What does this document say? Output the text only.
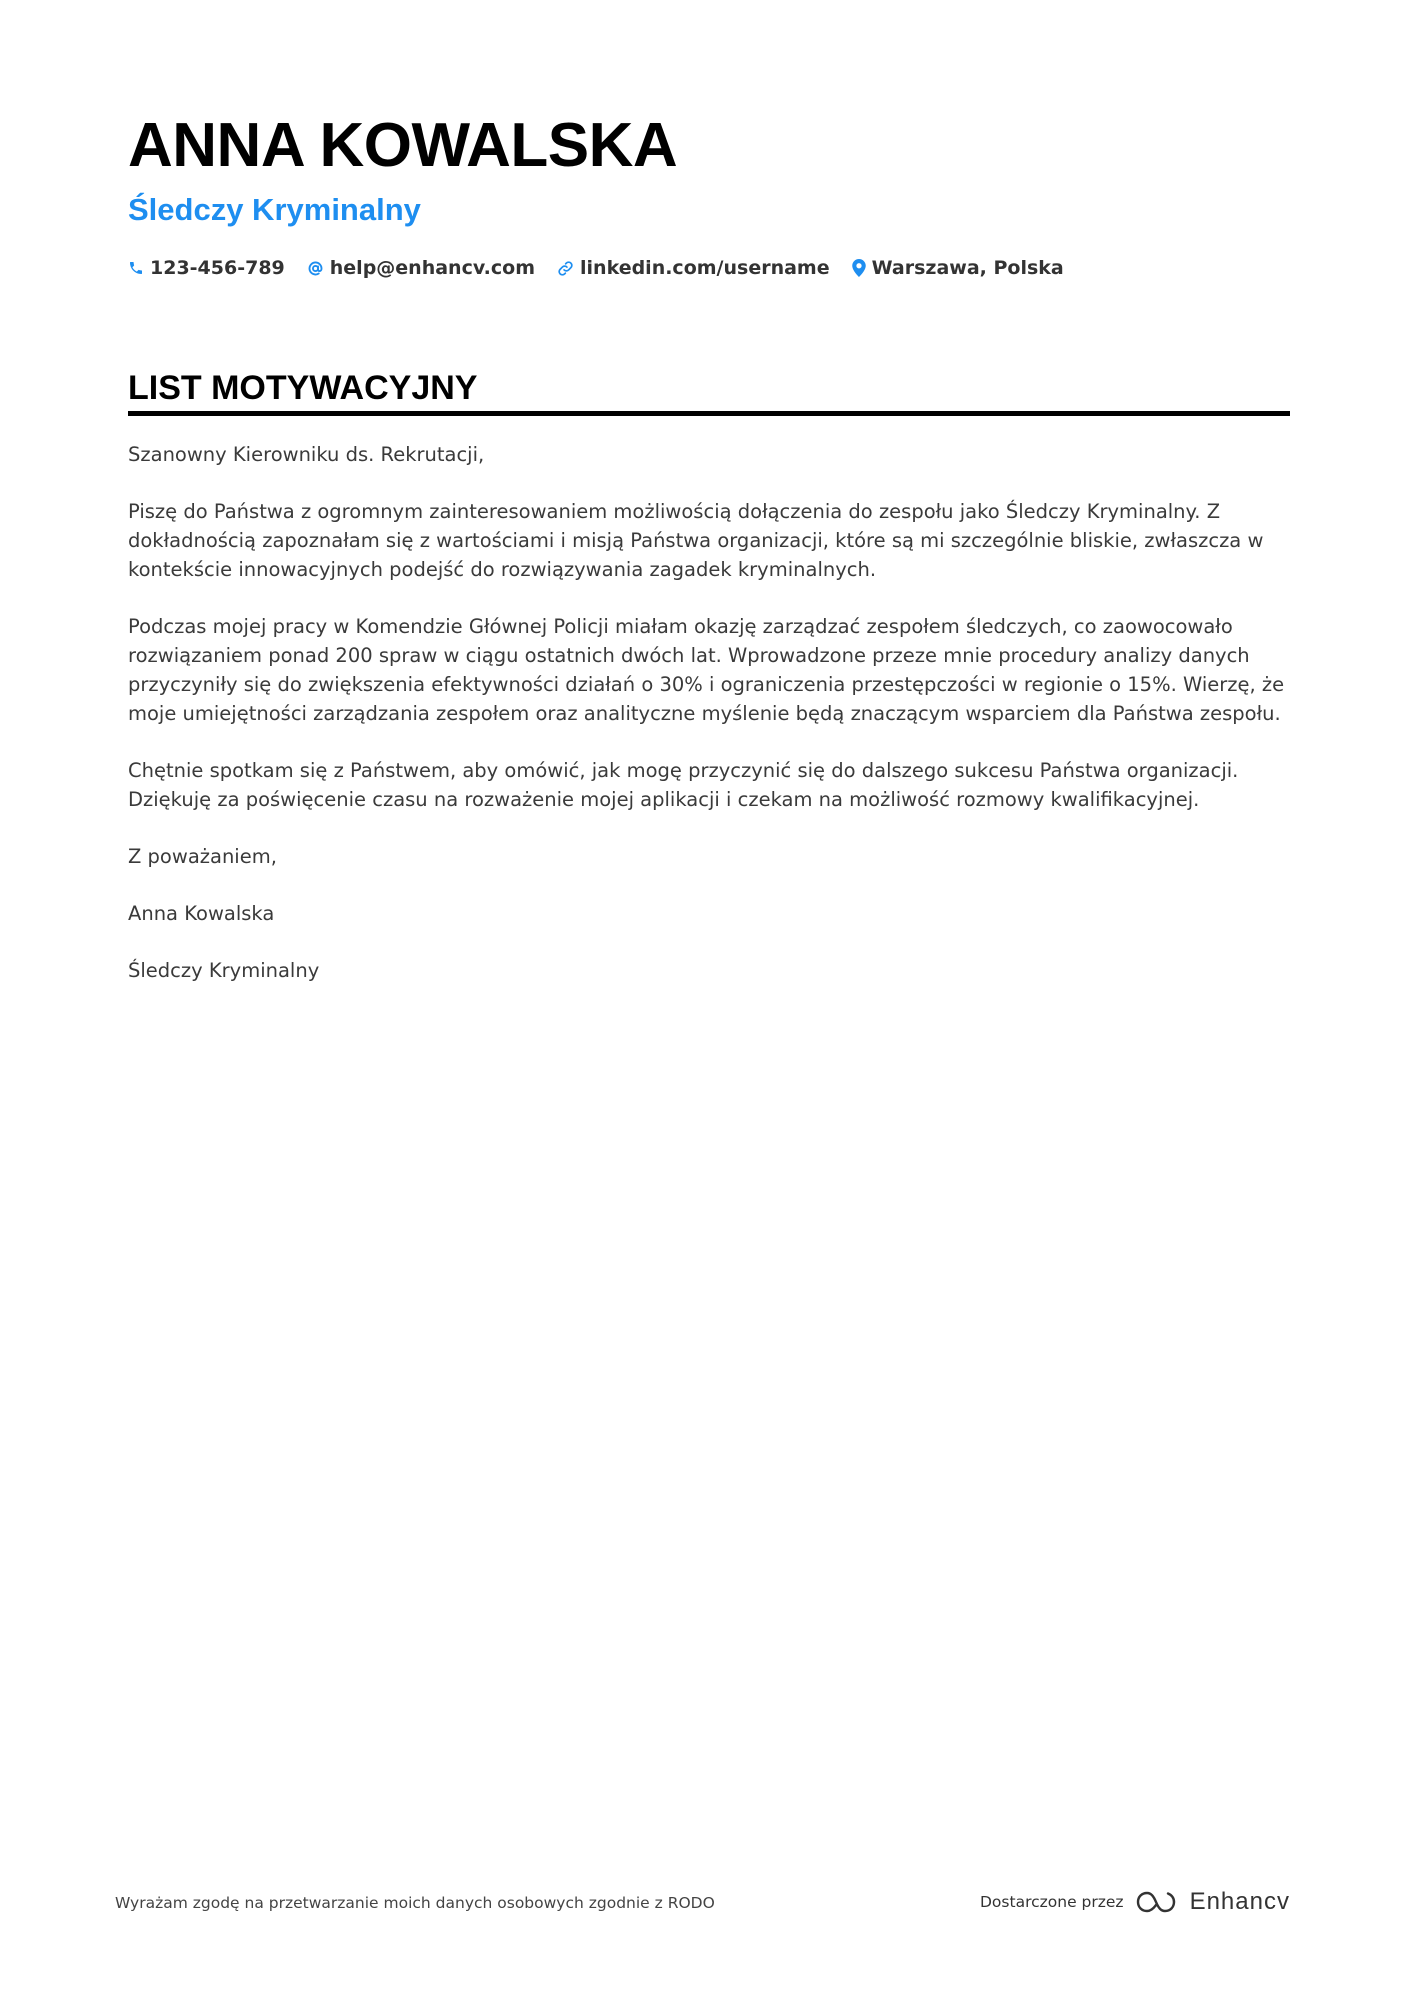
ANNA KOWALSKA
Śledczy Kryminalny
123-456-789 help@enhancv.com linkedin.com/username Warszawa, Polska
LIST MOTYWACYJNY

Szanowny Kierowniku ds. Rekrutacji,

Piszę do Państwa z ogromnym zainteresowaniem możliwością dołączenia do zespołu jako Śledczy Kryminalny. Z dokładnością zapoznałam się z wartościami i misją Państwa organizacji, które są mi szczególnie bliskie, zwłaszcza w kontekście innowacyjnych podejść do rozwiązywania zagadek kryminalnych.

Podczas mojej pracy w Komendzie Głównej Policji miałam okazję zarządzać zespołem śledczych, co zaowocowało rozwiązaniem ponad 200 spraw w ciągu ostatnich dwóch lat. Wprowadzone przeze mnie procedury analizy danych przyczyniły się do zwiększenia efektywności działań o 30% i ograniczenia przestępczości w regionie o 15%. Wierzę, że moje umiejętności zarządzania zespołem oraz analityczne myślenie będą znaczącym wsparciem dla Państwa zespołu.

Chętnie spotkam się z Państwem, aby omówić, jak mogę przyczynić się do dalszego sukcesu Państwa organizacji. Dziękuję za poświęcenie czasu na rozważenie mojej aplikacji i czekam na możliwość rozmowy kwalifikacyjnej.

Z poważaniem,

Anna Kowalska

Śledczy Kryminalny

Wyrażam zgodę na przetwarzanie moich danych osobowych zgodnie z RODO	Dostarczone przez	Enhancv
